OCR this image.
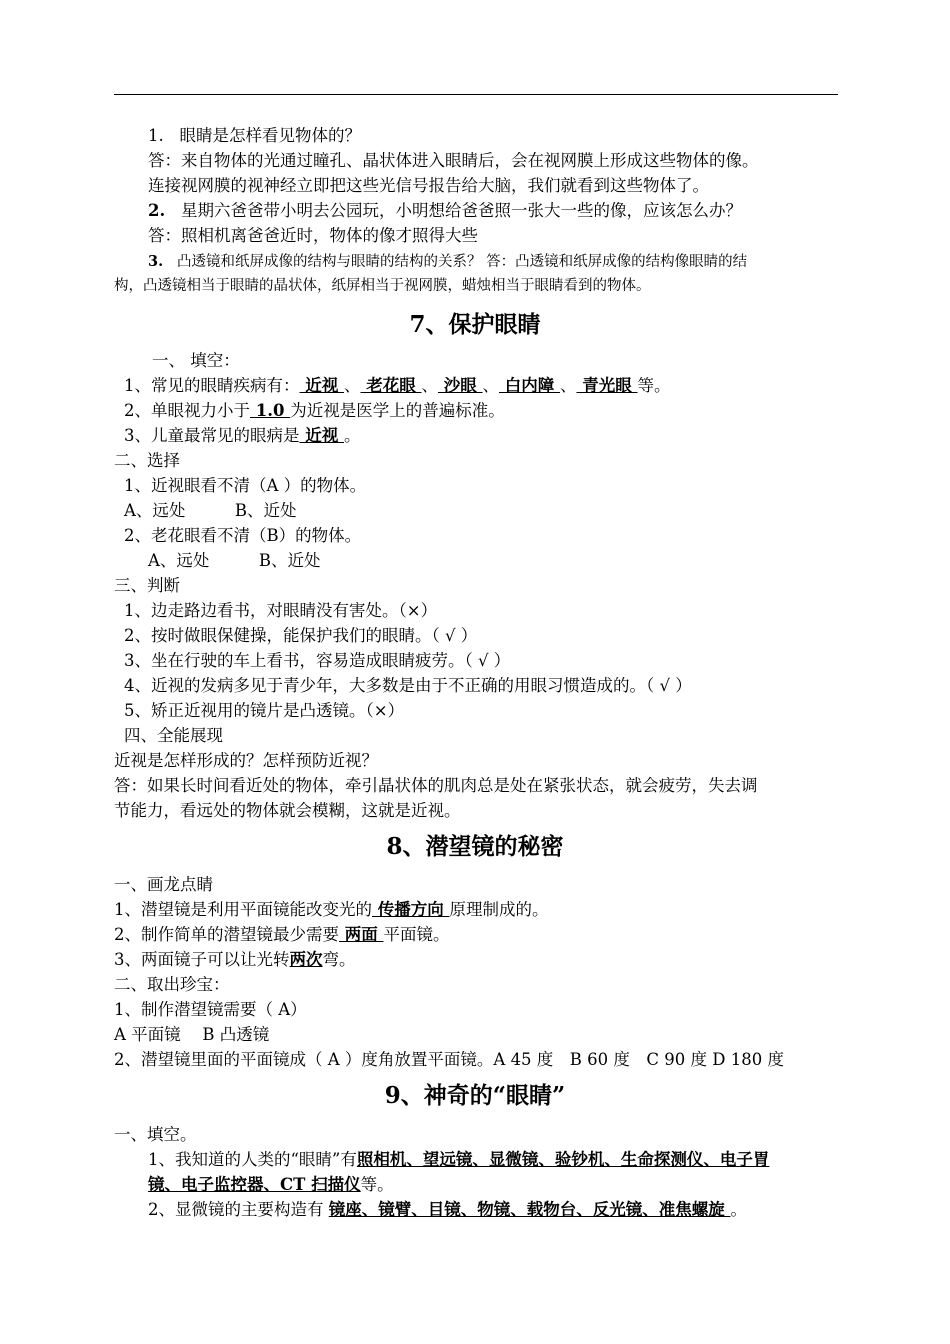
1. 眼睛是怎样看见物体的？
答：来自物体的光通过瞳孔、晶状体进入眼睛后，会在视网膜上形成这些物体的像。
连接视网膜的视神经立即把这些光信号报告给大脑，我们就看到这些物体了。
2. 星期六爸爸带小明去公园玩，小明想给爸爸照一张大一些的像，应该怎么办？
答：照相机离爸爸近时，物体的像才照得大些
3. 凸透镜和纸屏成像的结构与眼睛的结构的关系？ 答：凸透镜和纸屏成像的结构像眼睛的结
构，凸透镜相当于眼睛的晶状体，纸屏相当于视网膜，蜡烛相当于眼睛看到的物体。
7、保护眼睛
一、 填空：
1、常见的眼睛疾病有： 近视 、 老花眼 、 沙眼 、 白内障 、 青光眼 等。
2、单眼视力小于 1.0 为近视是医学上的普遍标准。
3、儿童最常见的眼病是 近视 。
二、选择
1、近视眼看不清（A ）的物体。
A、远处　　　B、近处
2、老花眼看不清（B）的物体。
A、远处　　　B、近处
三、判断
1、边走路边看书，对眼睛没有害处。（×）
2、按时做眼保健操，能保护我们的眼睛。（ √ ）
3、坐在行驶的车上看书，容易造成眼睛疲劳。（ √ ）
4、近视的发病多见于青少年，大多数是由于不正确的用眼习惯造成的。（ √ ）
5、矫正近视用的镜片是凸透镜。（×）
四、全能展现
近视是怎样形成的？怎样预防近视？
答：如果长时间看近处的物体，牵引晶状体的肌肉总是处在紧张状态，就会疲劳，失去调
节能力，看远处的物体就会模糊，这就是近视。
8、潜望镜的秘密
一、画龙点睛
1、潜望镜是利用平面镜能改变光的 传播方向 原理制成的。
2、制作简单的潜望镜最少需要 两面 平面镜。
3、两面镜子可以让光转两次弯。
二、取出珍宝：
1、制作潜望镜需要（ A）
A 平面镜　 B 凸透镜
2、潜望镜里面的平面镜成（ A ）度角放置平面镜。A 45 度　B 60 度　C 90 度 D 180 度
9、神奇的“眼睛”
一、填空。
1、我知道的人类的“眼睛”有照相机、望远镜、显微镜、验钞机、生命探测仪、电子胃
镜、电子监控器、CT 扫描仪等。
2、显微镜的主要构造有 镜座、镜臂、目镜、物镜、载物台、反光镜、准焦螺旋 。
